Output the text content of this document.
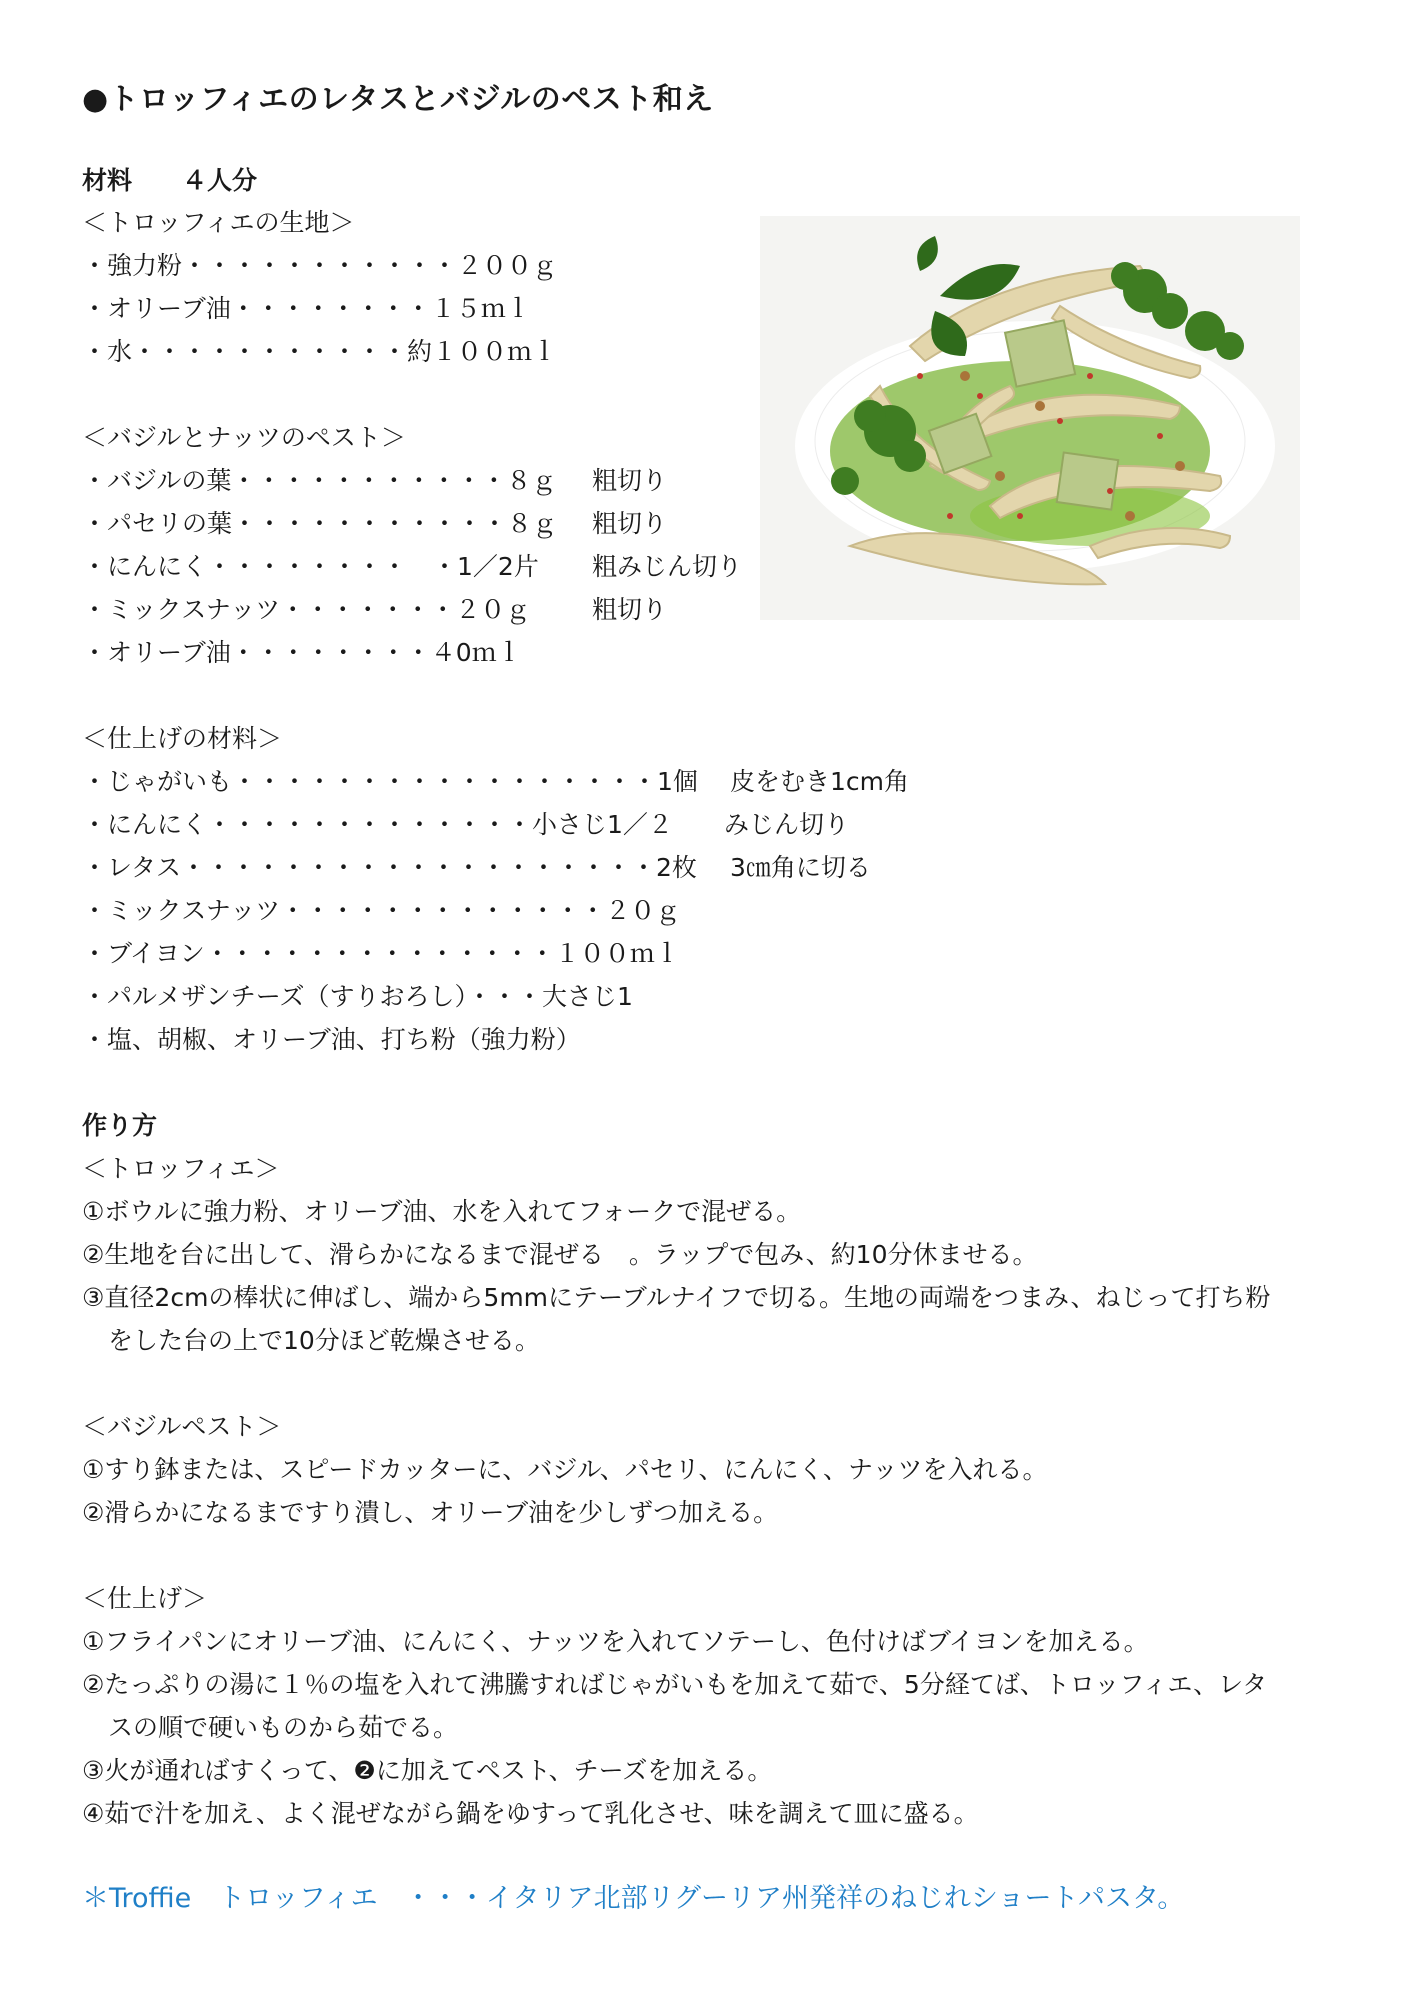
●トロッフィエのレタスとバジルのペスト和え
材料　　４人分
＜トロッフィエの生地＞
・強力粉・・・・・・・・・・・２００ｇ
・オリーブ油・・・・・・・・１５ｍｌ
・水・・・・・・・・・・・約１００ｍｌ
＜バジルとナッツのペスト＞
・バジルの葉・・・・・・・・・・・８ｇ 粗切り
・パセリの葉・・・・・・・・・・・８ｇ 粗切り
・にんにく・・・・・・・・　・1／2片 粗みじん切り
・ミックスナッツ・・・・・・・２０ｇ 粗切り
・オリーブ油・・・・・・・・４0ｍｌ
＜仕上げの材料＞
・じゃがいも・・・・・・・・・・・・・・・・・1個 皮をむき1cm角
・にんにく・・・・・・・・・・・・・小さじ1／２ みじん切り
・レタス・・・・・・・・・・・・・・・・・・・2枚 3㎝角に切る
・ミックスナッツ・・・・・・・・・・・・・２０ｇ
・ブイヨン・・・・・・・・・・・・・・１００ｍｌ
・パルメザンチーズ（すりおろし）・・・大さじ1
・塩、胡椒、オリーブ油、打ち粉（強力粉）
作り方
＜トロッフィエ＞
①ボウルに強力粉、オリーブ油、水を入れてフォークで混ぜる。
②生地を台に出して、滑らかになるまで混ぜる　。ラップで包み、約10分休ませる。
③直径2cmの棒状に伸ばし、端から5mmにテーブルナイフで切る。生地の両端をつまみ、ねじって打ち粉
をした台の上で10分ほど乾燥させる。
＜バジルペスト＞
①すり鉢または、スピードカッターに、バジル、パセリ、にんにく、ナッツを入れる。
②滑らかになるまですり潰し、オリーブ油を少しずつ加える。
＜仕上げ＞
①フライパンにオリーブ油、にんにく、ナッツを入れてソテーし、色付けばブイヨンを加える。
②たっぷりの湯に１％の塩を入れて沸騰すればじゃがいもを加えて茹で、5分経てば、トロッフィエ、レタ
スの順で硬いものから茹でる。
③火が通ればすくって、❷に加えてペスト、チーズを加える。
④茹で汁を加え、よく混ぜながら鍋をゆすって乳化させ、味を調えて皿に盛る。
＊Troffie　トロッフィエ　・・・イタリア北部リグーリア州発祥のねじれショートパスタ。
